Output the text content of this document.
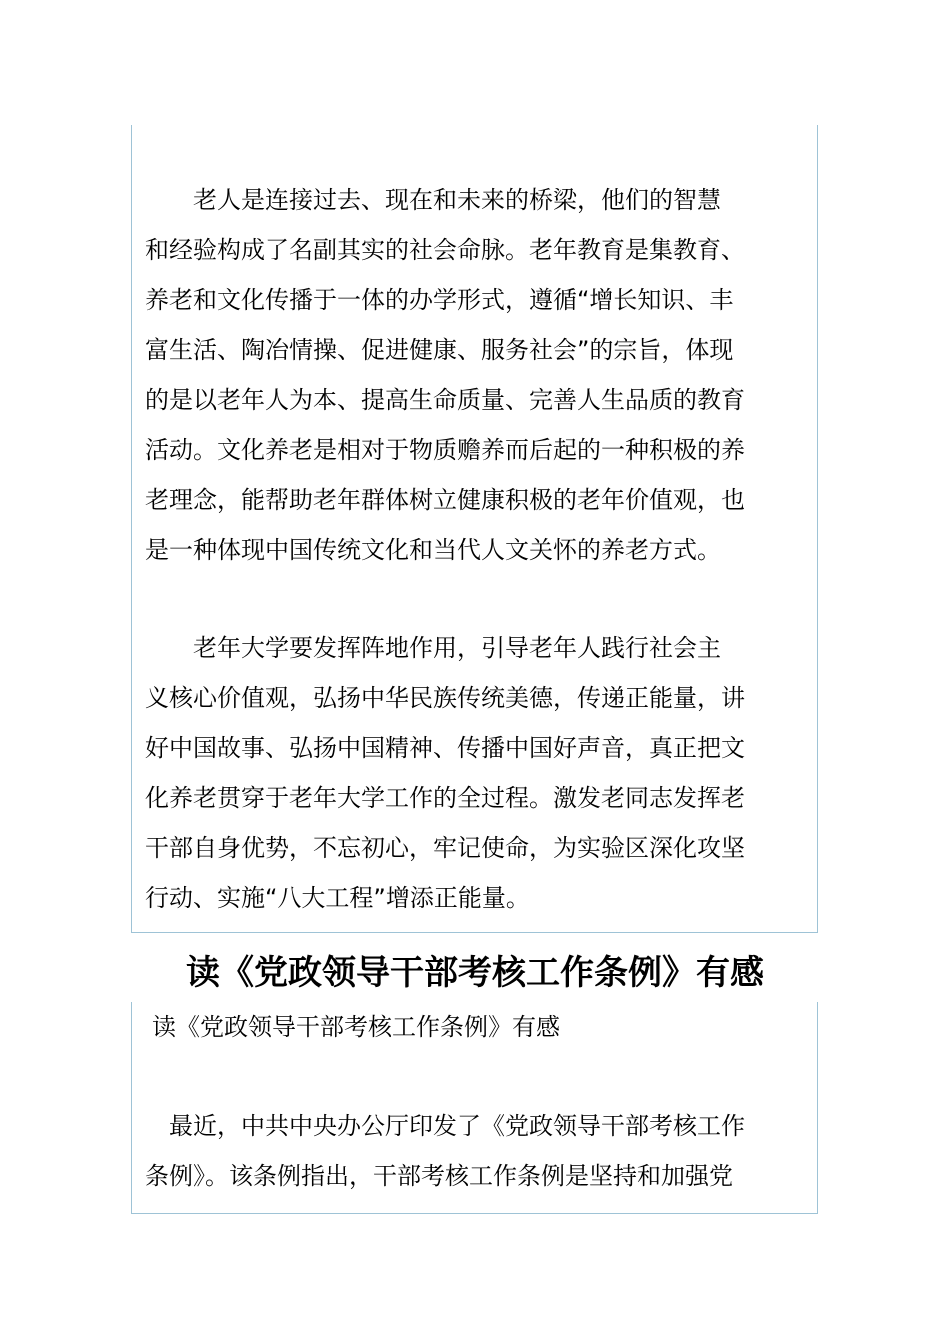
　　老人是连接过去、现在和未来的桥梁，他们的智慧
和经验构成了名副其实的社会命脉。老年教育是集教育、
养老和文化传播于一体的办学形式，遵循“增长知识、丰
富生活、陶冶情操、促进健康、服务社会”的宗旨，体现
的是以老年人为本、提高生命质量、完善人生品质的教育
活动。文化养老是相对于物质赡养而后起的一种积极的养
老理念，能帮助老年群体树立健康积极的老年价值观，也
是一种体现中国传统文化和当代人文关怀的养老方式。
　　老年大学要发挥阵地作用，引导老年人践行社会主
义核心价值观，弘扬中华民族传统美德，传递正能量，讲
好中国故事、弘扬中国精神、传播中国好声音，真正把文
化养老贯穿于老年大学工作的全过程。激发老同志发挥老
干部自身优势，不忘初心，牢记使命，为实验区深化攻坚
行动、实施“八大工程”增添正能量。
读《党政领导干部考核工作条例》有感
读《党政领导干部考核工作条例》有感
　最近，中共中央办公厅印发了《党政领导干部考核工作
条例》。该条例指出，干部考核工作条例是坚持和加强党
